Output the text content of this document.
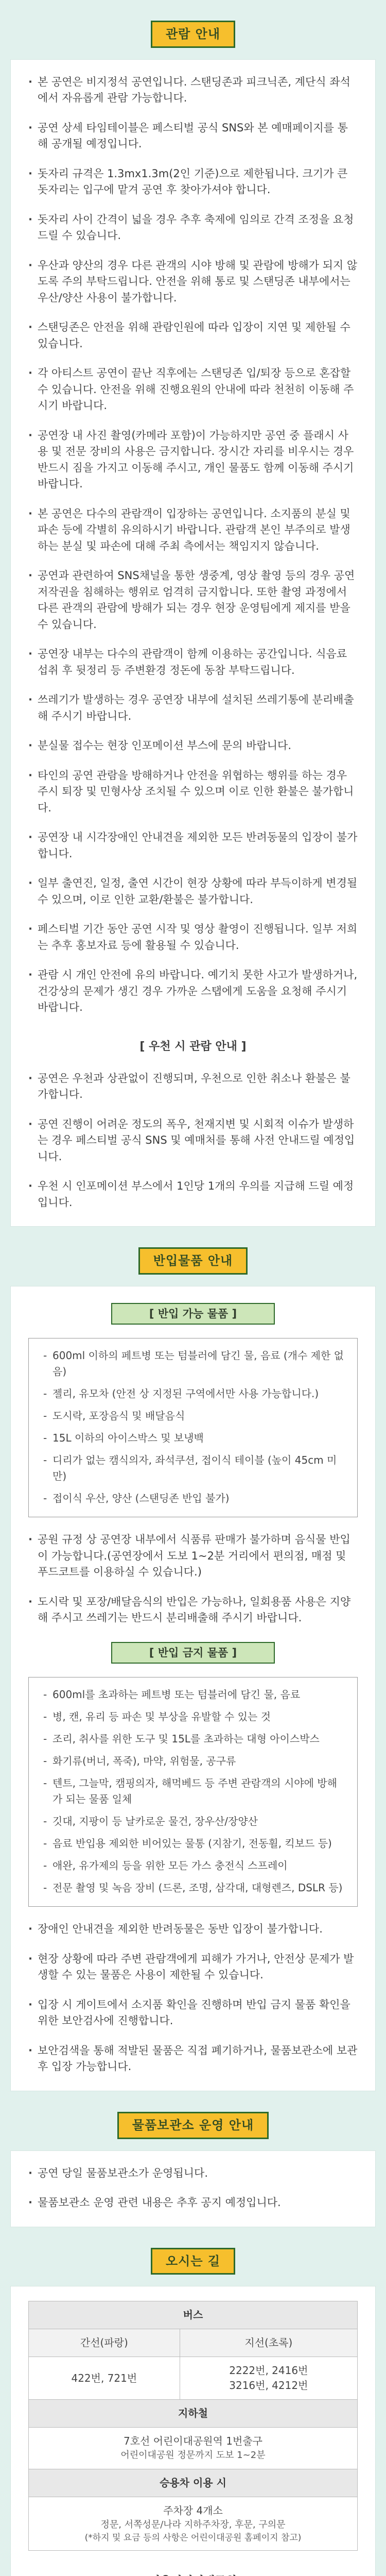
관람 안내
· 본 공연은 비지정석 공연입니다. 스탠딩존과 피크닉존, 계단식 좌석에서 자유롭게 관람 가능합니다.
· 공연 상세 타임테이블은 페스티벌 공식 SNS와 본 예매페이지를 통해 공개될 예정입니다.
· 돗자리 규격은 1.3mx1.3m(2인 기준)으로 제한됩니다. 크기가 큰 돗자리는 입구에 맡겨 공연 후 찾아가셔야 합니다.
· 돗자리 사이 간격이 넓을 경우 추후 축제에 임의로 간격 조정을 요청드릴 수 있습니다.
· 우산과 양산의 경우 다른 관객의 시야 방해 및 관람에 방해가 되지 않도록 주의 부탁드립니다. 안전을 위해 통로 및 스탠딩존 내부에서는 우산/양산 사용이 불가합니다.
· 스탠딩존은 안전을 위해 관람인원에 따라 입장이 지연 및 제한될 수 있습니다.
· 각 아티스트 공연이 끝난 직후에는 스탠딩존 입/퇴장 등으로 혼잡할 수 있습니다. 안전을 위해 진행요원의 안내에 따라 천천히 이동해 주시기 바랍니다.
· 공연장 내 사진 촬영(카메라 포함)이 가능하지만 공연 중 플래시 사용 및 전문 장비의 사용은 금지합니다. 장시간 자리를 비우시는 경우 반드시 짐을 가지고 이동해 주시고, 개인 물품도 함께 이동해 주시기 바랍니다.
· 본 공연은 다수의 관람객이 입장하는 공연입니다. 소지품의 분실 및 파손 등에 각별히 유의하시기 바랍니다. 관람객 본인 부주의로 발생하는 분실 및 파손에 대해 주최 측에서는 책임지지 않습니다.
· 공연과 관련하여 SNS채널을 통한 생중계, 영상 촬영 등의 경우 공연 저작권을 침해하는 행위로 엄격히 금지합니다. 또한 촬영 과정에서 다른 관객의 관람에 방해가 되는 경우 현장 운영팀에게 제지를 받을 수 있습니다.
· 공연장 내부는 다수의 관람객이 함께 이용하는 공간입니다. 식음료 섭취 후 뒷정리 등 주변환경 정돈에 동참 부탁드립니다.
· 쓰레기가 발생하는 경우 공연장 내부에 설치된 쓰레기통에 분리배출해 주시기 바랍니다.
· 분실물 접수는 현장 인포메이션 부스에 문의 바랍니다.
· 타인의 공연 관람을 방해하거나 안전을 위협하는 행위를 하는 경우 주시 퇴장 및 민형사상 조치될 수 있으며 이로 인한 환불은 불가합니다.
· 공연장 내 시각장애인 안내견을 제외한 모든 반려동물의 입장이 불가합니다.
· 일부 출연진, 일정, 출연 시간이 현장 상황에 따라 부득이하게 변경될 수 있으며, 이로 인한 교환/환불은 불가합니다.
· 페스티벌 기간 동안 공연 시작 및 영상 촬영이 진행됩니다. 일부 저희는 추후 홍보자료 등에 활용될 수 있습니다.
· 관람 시 개인 안전에 유의 바랍니다. 예기치 못한 사고가 발생하거나, 건강상의 문제가 생긴 경우 가까운 스탭에게 도움을 요청해 주시기 바랍니다.
[ 우천 시 관람 안내 ]
· 공연은 우천과 상관없이 진행되며, 우천으로 인한 취소나 환불은 불가합니다.
· 공연 진행이 어려운 정도의 폭우, 천재지변 및 시회적 이슈가 발생하는 경우 페스티벌 공식 SNS 및 예매처를 통해 사전 안내드릴 예정입니다.
· 우천 시 인포메이션 부스에서 1인당 1개의 우의를 지급해 드릴 예정입니다.
반입물품 안내
[ 반입 가능 물품 ]
- 600ml 이하의 페트병 또는 텀블러에 담긴 물, 음료 (개수 제한 없음)
- 젤리, 유모차 (안전 상 지정된 구역에서만 사용 가능합니다.)
- 도시락, 포장음식 및 배달음식
- 15L 이하의 아이스박스 및 보냉백
- 디리가 없는 캠식의자, 좌석쿠션, 접이식 테이블 (높이 45cm 미만)
- 접이식 우산, 양산 (스탠딩존 반입 불가)
· 공원 규정 상 공연장 내부에서 식품류 판매가 불가하며 음식물 반입이 가능합니다.(공연장에서 도보 1~2분 거리에서 편의점, 매점 및 푸드코트를 이용하실 수 있습니다.)
· 도시락 및 포장/배달음식의 반입은 가능하나, 일회용품 사용은 지양해 주시고 쓰레기는 반드시 분리배출해 주시기 바랍니다.
[ 반입 금지 물품 ]
- 600ml를 초과하는 페트병 또는 텀블러에 담긴 물, 음료
- 병, 캔, 유리 등 파손 및 부상을 유발할 수 있는 것
- 조리, 취사를 위한 도구 및 15L를 초과하는 대형 아이스박스
- 화기류(버너, 폭죽), 마약, 위험물, 공구류
- 텐트, 그늘막, 캠핑의자, 해먹베드 등 주변 관람객의 시야에 방해가 되는 물품 일체
- 깃대, 지팡이 등 날카로운 물건, 장우산/장양산
- 음료 반입용 제외한 비어있는 물통 (지참기, 전동휠, 킥보드 등)
- 애완, 유가제의 등을 위한 모든 가스 충전식 스프레이
- 전문 촬영 및 녹음 장비 (드론, 조명, 삼각대, 대형렌즈, DSLR 등)
· 장애인 안내견을 제외한 반려동물은 동반 입장이 불가합니다.
· 현장 상황에 따라 주변 관람객에게 피해가 가거나, 안전상 문제가 발생할 수 있는 물품은 사용이 제한될 수 있습니다.
· 입장 시 게이트에서 소지품 확인을 진행하며 반입 금지 물품 확인을 위한 보안검사에 진행합니다.
· 보안검색을 통해 적발된 물품은 직접 폐기하거나, 물품보관소에 보관 후 입장 가능합니다.
물품보관소 운영 안내
· 공연 당일 물품보관소가 운영됩니다.
· 물품보관소 운영 관련 내용은 추후 공지 예정입니다.
오시는 길
버스	
간선(파랑)	지선(초록)
422번, 721번	2222번, 2416번
3216번, 4212번
지하철	

7호선 어린이대공원역 1번출구
어린이대공원 정문까지 도보 1~2분	

승용차 이용 시	

주차장 4개소
정문, 서쪽성문/나라 지하주차장, 후문, 구의문
(*하지 및 요금 등의 사항은 어린이대공원 홈페이지 참고)	
